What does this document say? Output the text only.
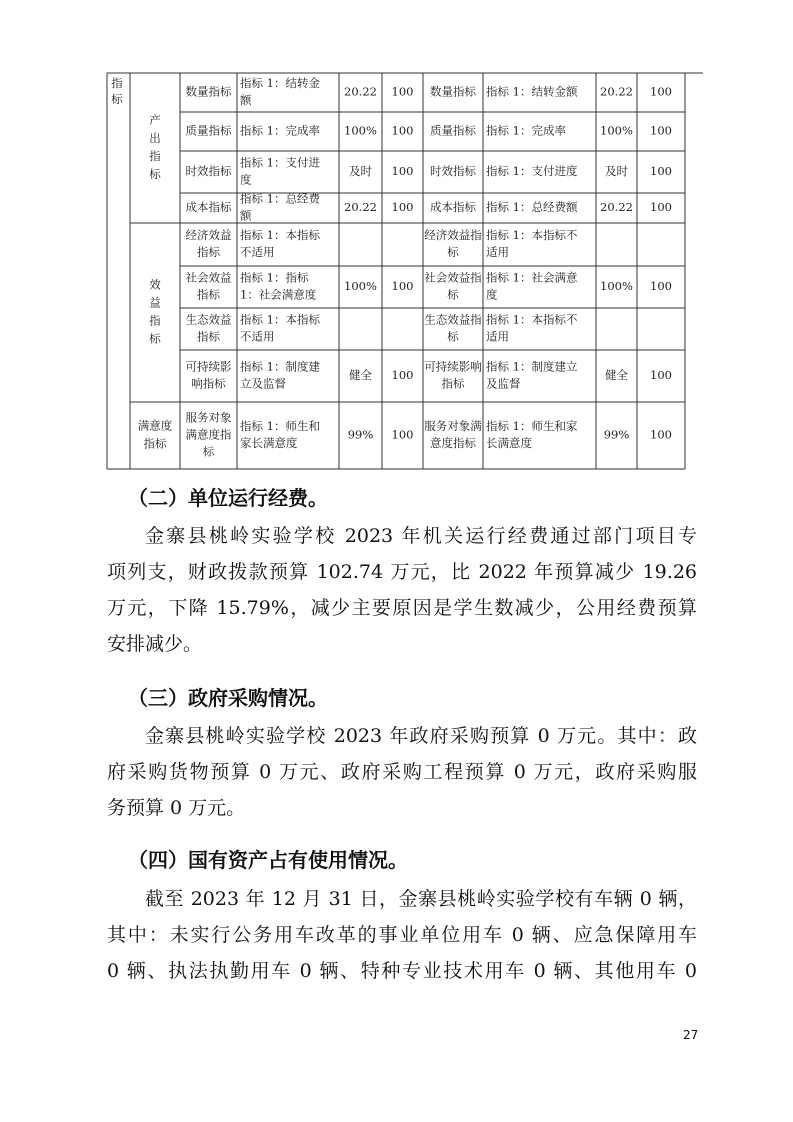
指
标
产
出
指
标
效
益
指
标
满意度
指标
数量指标
指标 1：结转金
额
20.22 100 数量指标 指标 1：结转金额 20.22 100
质量指标 指标 1：完成率 100% 100 质量指标 指标 1：完成率	100% 100
时效指标
指标 1：支付进
度
及时 100 时效指标 指标 1：支付进度 及时 100
成本指标
指标 1：总经费
额
20.22 100 成本指标 指标 1：总经费额 20.22 100
经济效益
指标
指标 1：本指标
不适用
经济效益指
标
指标 1：本指标不
适用
社会效益
指标
指标 1：指标
1：社会满意度
100% 100
社会效益指
标
指标 1：社会满意
度
100% 100
生态效益
指标
指标 1：本指标
不适用
生态效益指
标
指标 1：本指标不
适用
可持续影
响指标
指标 1：制度建
立及监督
健全 100
可持续影响
指标
指标 1：制度建立
及监督
健全 100
服务对象
满意度指
标
指标 1：师生和
家长满意度
99% 100
服务对象满
意度指标
指标 1：师生和家
长满意度
99% 100
（二）单位运行经费。
金寨县桃岭实验学校 2023 年机关运行经费通过部门项目专
项列支，财政拨款预算 102.74 万元，比 2022 年预算减少 19.26
万元，下降 15.79%，减少主要原因是学生数减少，公用经费预算
安排减少。
（三）政府采购情况。
金寨县桃岭实验学校 2023 年政府采购预算 0 万元。其中：政
府采购货物预算 0 万元、政府采购工程预算 0 万元，政府采购服
务预算 0 万元。
（四）国有资产占有使用情况。
截至 2023 年 12 月 31 日，金寨县桃岭实验学校有车辆 0 辆，
其中：未实行公务用车改革的事业单位用车 0 辆、应急保障用车
0 辆、执法执勤用车 0 辆、特种专业技术用车 0 辆、其他用车 0
27
